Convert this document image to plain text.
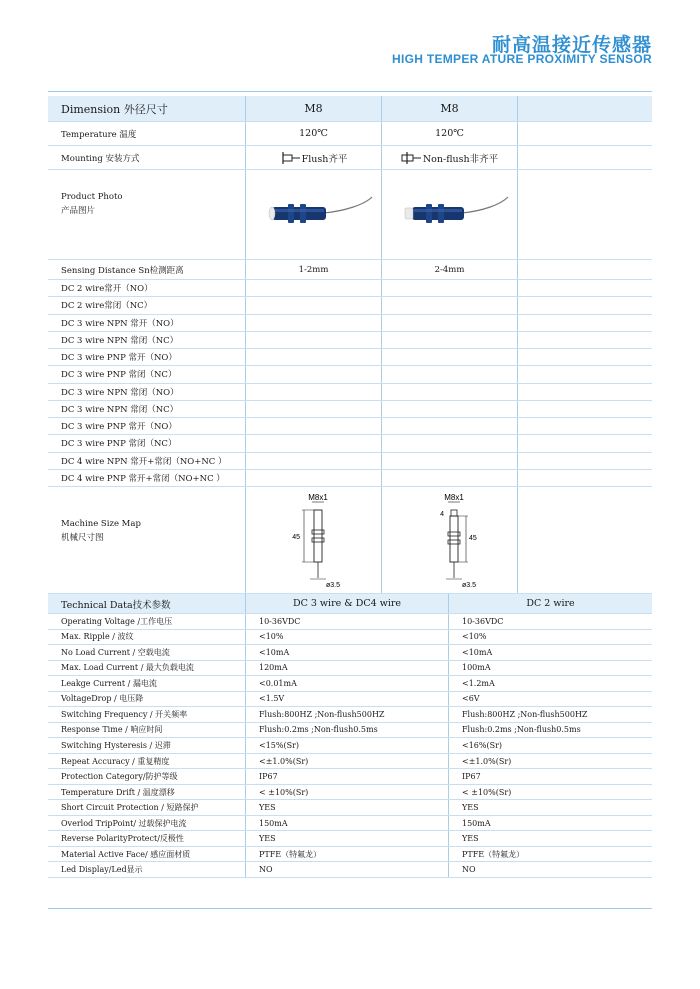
耐高温接近传感器
HIGH TEMPER ATURE PROXIMITY SENSOR
Dimension 外径尺寸	M8	M8
Temperature 温度	120℃	120℃
Mounting 安装方式	Flush齐平	Non-flush非齐平
Product Photo
产品图片
Sensing Distance Sn检测距离	1-2mm	2-4mm
DC 2 wire常开（NO）
DC 2 wire常闭（NC）
DC 3 wire NPN 常开（NO）
DC 3 wire NPN 常闭（NC）
DC 3 wire PNP 常开（NO）
DC 3 wire PNP 常闭（NC）
DC 3 wire NPN 常闭（NO）
DC 3 wire NPN 常闭（NC）
DC 3 wire PNP 常开（NO）
DC 3 wire PNP 常闭（NC）
DC 4 wire NPN 常开+常闭（NO+NC ）
DC 4 wire PNP 常开+常闭（NO+NC ）
Machine Size Map
机械尺寸图
M8x1
45
ø3.5
M8x1
4
45
ø3.5
Technical Data技术参数	DC 3 wire & DC4 wire	DC 2 wire
Operating Voltage /工作电压	10-36VDC	10-36VDC
Max. Ripple / 波纹	<10%	<10%
No Load Current / 空载电流	<10mA	<10mA
Max. Load Current / 最大负载电流	120mA	100mA
Leakge Current / 漏电流	<0.01mA	<1.2mA
VoltageDrop / 电压降	<1.5V	<6V
Switching Frequency / 开关频率	Flush:800HZ ;Non-flush500HZ	Flush:800HZ ;Non-flush500HZ
Response Time / 响应时间	Flush:0.2ms ;Non-flush0.5ms	Flush:0.2ms ;Non-flush0.5ms
Switching Hysteresis / 迟滞	<15%(Sr)	<16%(Sr)
Repeat Accuracy / 重复精度	<±1.0%(Sr)	<±1.0%(Sr)
Protection Category/防护等级	IP67	IP67
Temperature Drift / 温度漂移	< ±10%(Sr)	< ±10%(Sr)
Short Circuit Protection / 短路保护	YES	YES
Overlod TripPoint/ 过载保护电流	150mA	150mA
Reverse PolarityProtect/反极性	YES	YES
Material Active Face/ 感应面材质	PTFE（特氟龙）	PTFE（特氟龙）
Led Display/Led显示	NO	NO
